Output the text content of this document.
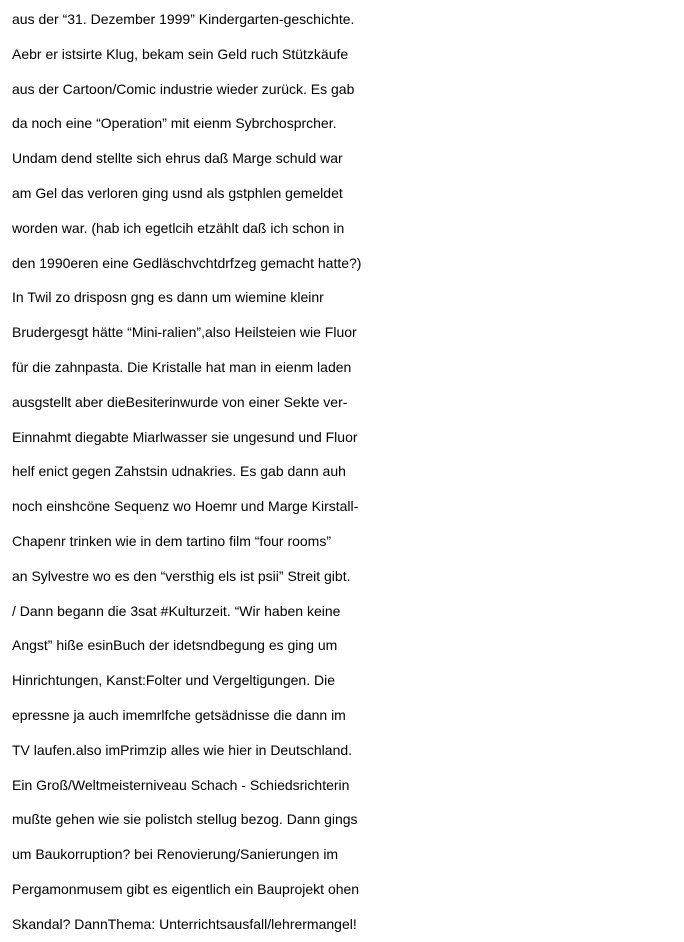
aus der “31. Dezember 1999” Kindergarten-geschichte.
Aebr er istsirte Klug, bekam sein Geld ruch Stützkäufe
aus der Cartoon/Comic industrie wieder zurück. Es gab
da noch eine “Operation” mit eienm Sybrchosprcher.
Undam dend stellte sich ehrus daß Marge schuld war
am Gel das verloren ging usnd als gstphlen gemeldet
worden war. (hab ich egetlcih etzählt daß ich schon in
den 1990eren eine Gedläschvchtdrfzeg gemacht hatte?)
In Twil zo drisposn gng es dann um wiemine kleinr
Brudergesgt hätte “Mini-ralien”,also Heilsteien wie Fluor
für die zahnpasta. Die Kristalle hat man in eienm laden
ausgstellt aber dieBesiterinwurde von einer Sekte ver-
Einnahmt diegabte Miarlwasser sie ungesund und Fluor
helf enict gegen Zahstsin udnakries. Es gab dann auh
noch einshcöne Sequenz wo Hoemr und Marge Kirstall-
Chapenr trinken wie in dem tartino film “four rooms”
an Sylvestre wo es den “versthig els ist psii” Streit gibt.
/ Dann begann die 3sat #Kulturzeit. “Wir haben keine
Angst” hiße esinBuch der idetsndbegung es ging um
Hinrichtungen, Kanst:Folter und Vergeltigungen. Die
epressne ja auch imemrlfche getsädnisse die dann im
TV laufen.also imPrimzip alles wie hier in Deutschland.
Ein Groß/Weltmeisterniveau Schach - Schiedsrichterin
mußte gehen wie sie polistch stellug bezog. Dann gings
um Baukorruption? bei Renovierung/Sanierungen im
Pergamonmusem gibt es eigentlich ein Bauprojekt ohen
Skandal? DannThema: Unterrichtsausfall/lehrermangel!
